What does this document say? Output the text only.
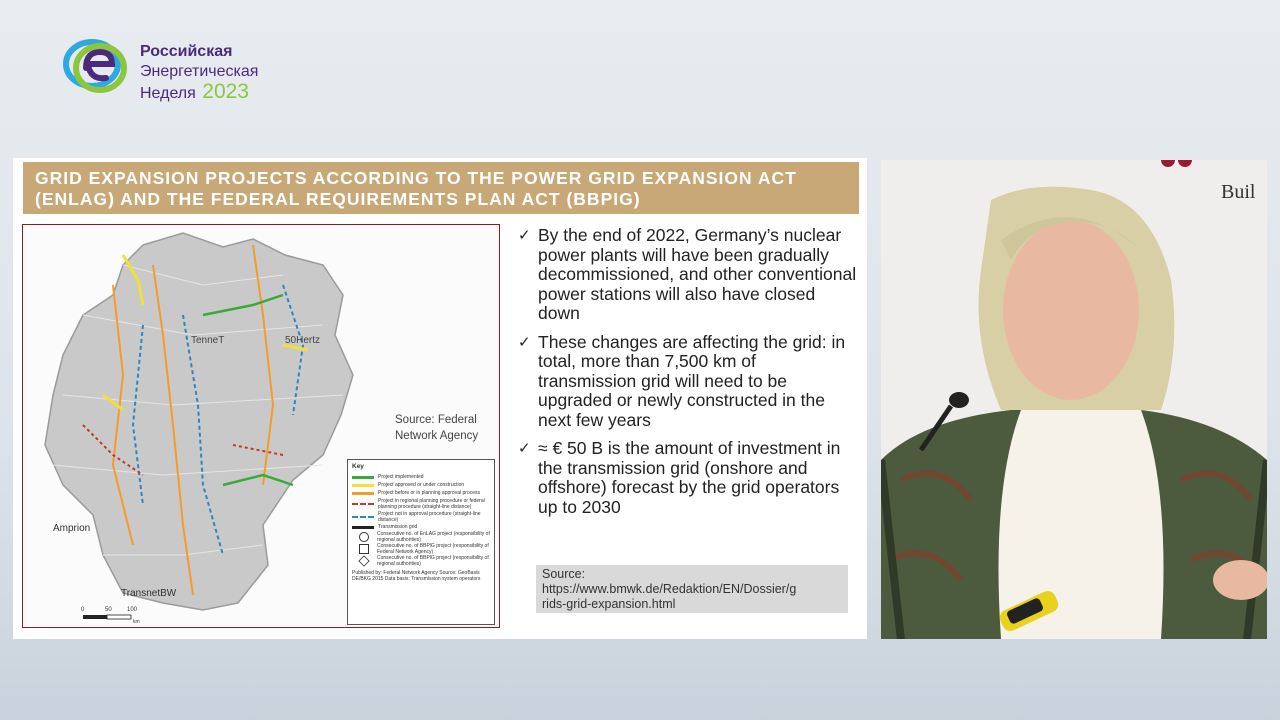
Российская
Энергетическая
Неделя 2023
GRID EXPANSION PROJECTS ACCORDING TO THE POWER GRID EXPANSION ACT
(ENLAG) AND THE FEDERAL REQUIREMENTS PLAN ACT (BBPIG)
0	50	100
km
TenneT	50Hertz
Amprion
TransnetBW
Source: Federal
Network Agency
Key
Project implemented
Project approved or under construction
Project before or in planning approval process
Project in regional planning procedure or federal planning procedure (straight-line distance)
Project not in approval procedure (straight-line distance)
Transmission grid
Consecutive no. of EnLAG project (responsibility of regional authorities)
Consecutive no. of BBPlG project (responsibility of Federal Network Agency)
Consecutive no. of BBPlG project (responsibility of regional authorities)
Published by: Federal Network Agency Source: GeoBasis DE/BKG 2015 Data basis: Transmission system operators
✓ By the end of 2022, Germany’s nuclear power plants will have been gradually decommissioned, and other conventional power stations will also have closed down
✓ These changes are affecting the grid: in total, more than 7,500 km of transmission grid will need to be upgraded or newly constructed in the next few years
✓ ≈ € 50 B is the amount of investment in the transmission grid (onshore and offshore) forecast by the grid operators up to 2030
Source:
https://www.bmwk.de/Redaktion/EN/Dossier/g
rids-grid-expansion.html
Buil
